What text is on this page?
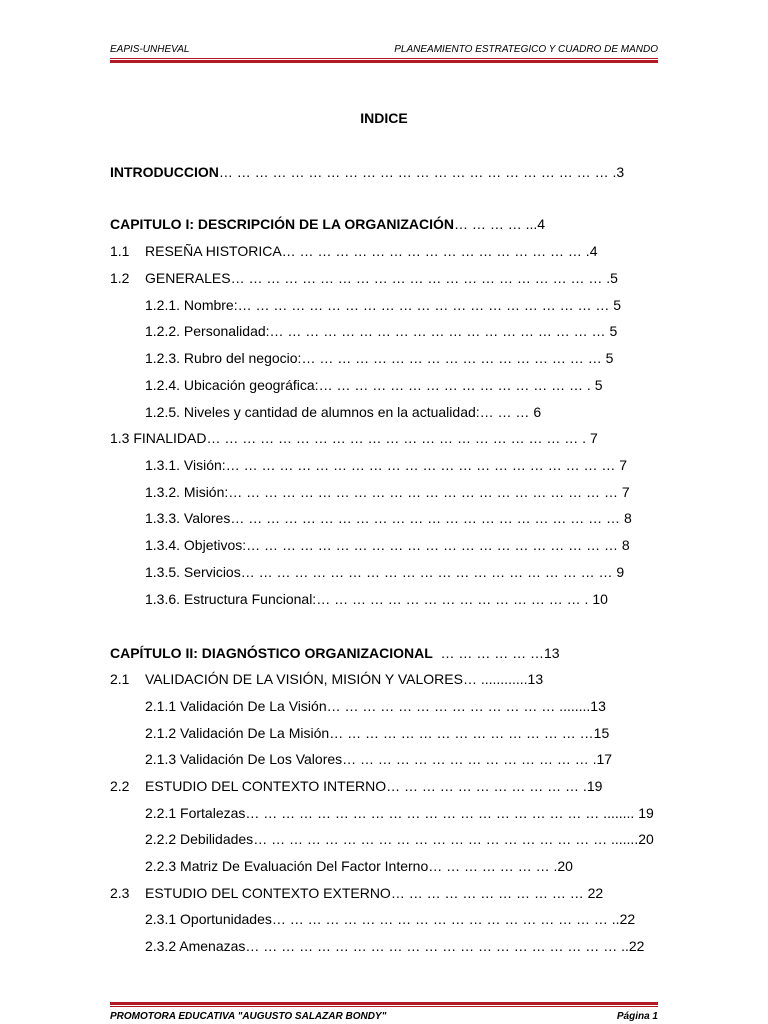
EAPIS-UNHEVAL	PLANEAMIENTO ESTRATEGICO Y CUADRO DE MANDO
INDICE
INTRODUCCION… … … … … … … … … … … … … … … … … … … … … … .3
CAPITULO I: DESCRIPCIÓN DE LA ORGANIZACIÓN… … … … ...4
1.1 RESEÑA HISTORICA… … … … … … … … … … … … … … … … … .4
1.2 GENERALES… … … … … … … … … … … … … … … … … … … … … .5
1.2.1. Nombre:… … … … … … … … … … … … … … … … … … … … … 5
1.2.2. Personalidad:… … … … … … … … … … … … … … … … … … … 5
1.2.3. Rubro del negocio:… … … … … … … … … … … … … … … … … 5
1.2.4. Ubicación geográfica:… … … … … … … … … … … … … … … . 5
1.2.5. Niveles y cantidad de alumnos en la actualidad:… … … 6
1.3 FINALIDAD… … … … … … … … … … … … … … … … … … … … … . 7
1.3.1. Visión:… … … … … … … … … … … … … … … … … … … … … … 7
1.3.2. Misión:… … … … … … … … … … … … … … … … … … … … … … 7
1.3.3. Valores… … … … … … … … … … … … … … … … … … … … … … 8
1.3.4. Objetivos:… … … … … … … … … … … … … … … … … … … … … 8
1.3.5. Servicios… … … … … … … … … … … … … … … … … … … … … 9
1.3.6. Estructura Funcional:… … … … … … … … … … … … … … … . 10
CAPÍTULO II: DIAGNÓSTICO ORGANIZACIONAL  … … … … … …13
2.1 VALIDACIÓN DE LA VISIÓN, MISIÓN Y VALORES… ............13
2.1.1 Validación De La Visión… … … … … … … … … … … … … ........13
2.1.2 Validación De La Misión… … … … … … … … … … … … … … …15
2.1.3 Validación De Los Valores… … … … … … … … … … … … … … .17
2.2 ESTUDIO DEL CONTEXTO INTERNO… … … … … … … … … … … .19
2.2.1 Fortalezas… … … … … … … … … … … … … … … … … … … … ........ 19
2.2.2 Debilidades… … … … … … … … … … … … … … … … … … … … .......20
2.2.3 Matriz De Evaluación Del Factor Interno… … … … … … … .20
2.3 ESTUDIO DEL CONTEXTO EXTERNO… … … … … … … … … … … 22
2.3.1 Oportunidades… … … … … … … … … … … … … … … … … … … ..22
2.3.2 Amenazas… … … … … … … … … … … … … … … … … … … … … ..22
PROMOTORA EDUCATIVA "AUGUSTO SALAZAR BONDY"	Página 1
